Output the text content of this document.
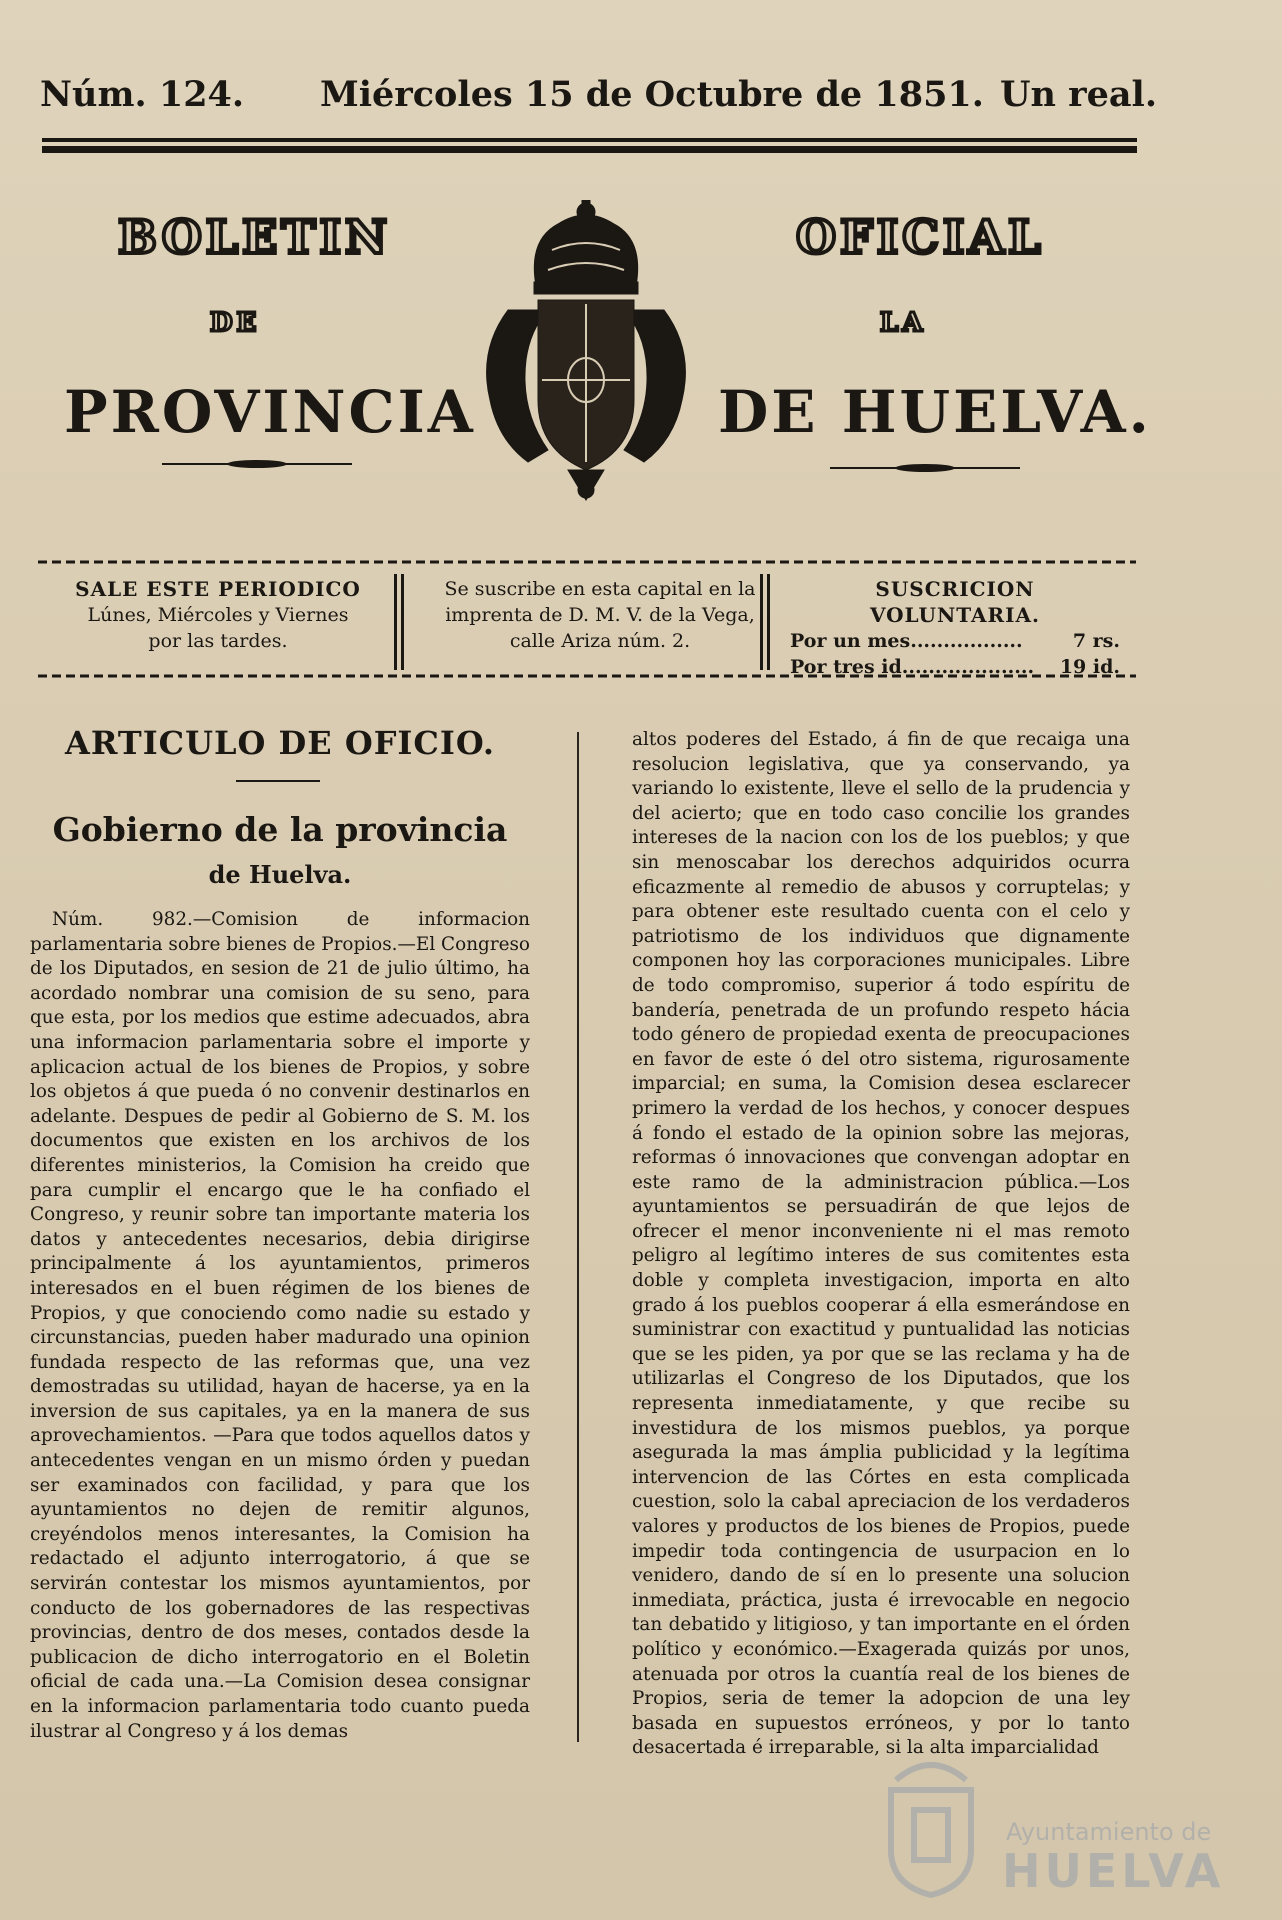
Núm. 124. Miércoles 15 de Octubre de 1851. Un real.
BOLETIN	OFICIAL
DE	LA
PROVINCIA	DE HUELVA.
SALE ESTE PERIODICO
Lúnes, Miércoles y Viernes
por las tardes.
Se suscribe en esta capital en la
imprenta de D. M. V. de la Vega,
calle Ariza núm. 2.
SUSCRICION VOLUNTARIA.
Por un mes.................	7 rs.
Por tres id.................... 19 id.
ARTICULO DE OFICIO.
Gobierno de la provincia
de Huelva.

Núm. 982.—Comision de informacion parlamentaria sobre bienes de Propios.—El Congreso de los Diputados, en sesion de 21 de julio último, ha acordado nombrar una comision de su seno, para que esta, por los medios que estime adecuados, abra una informacion parlamentaria sobre el importe y aplicacion actual de los bienes de Propios, y sobre los objetos á que pueda ó no convenir destinarlos en adelante. Despues de pedir al Gobierno de S. M. los documentos que existen en los archivos de los diferentes ministerios, la Comision ha creido que para cumplir el encargo que le ha confiado el Congreso, y reunir sobre tan importante materia los datos y antecedentes necesarios, debia dirigirse principalmente á los ayuntamientos, primeros interesados en el buen régimen de los bienes de Propios, y que conociendo como nadie su estado y circunstancias, pueden haber madurado una opinion fundada respecto de las reformas que, una vez demostradas su utilidad, hayan de hacerse, ya en la inversion de sus capitales, ya en la manera de sus aprovechamientos. —Para que todos aquellos datos y antecedentes vengan en un mismo órden y puedan ser examinados con facilidad, y para que los ayuntamientos no dejen de remitir algunos, creyéndolos menos interesantes, la Comision ha redactado el adjunto interrogatorio, á que se servirán contestar los mismos ayuntamientos, por conducto de los gobernadores de las respectivas provincias, dentro de dos meses, contados desde la publicacion de dicho interrogatorio en el Boletin oficial de cada una.—La Comision desea consignar en la informacion parlamentaria todo cuanto pueda ilustrar al Congreso y á los demas

altos poderes del Estado, á fin de que recaiga una resolucion legislativa, que ya conservando, ya variando lo existente, lleve el sello de la prudencia y del acierto; que en todo caso concilie los grandes intereses de la nacion con los de los pueblos; y que sin menoscabar los derechos adquiridos ocurra eficazmente al remedio de abusos y corruptelas; y para obtener este resultado cuenta con el celo y patriotismo de los individuos que dignamente componen hoy las corporaciones municipales. Libre de todo compromiso, superior á todo espíritu de bandería, penetrada de un profundo respeto hácia todo género de propiedad exenta de preocupaciones en favor de este ó del otro sistema, rigurosamente imparcial; en suma, la Comision desea esclarecer primero la verdad de los hechos, y conocer despues á fondo el estado de la opinion sobre las mejoras, reformas ó innovaciones que convengan adoptar en este ramo de la administracion pública.—Los ayuntamientos se persuadirán de que lejos de ofrecer el menor inconveniente ni el mas remoto peligro al legítimo interes de sus comitentes esta doble y completa investigacion, importa en alto grado á los pueblos cooperar á ella esmerándose en suministrar con exactitud y puntualidad las noticias que se les piden, ya por que se las reclama y ha de utilizarlas el Congreso de los Diputados, que los representa inmediatamente, y que recibe su investidura de los mismos pueblos, ya porque asegurada la mas ámplia publicidad y la legítima intervencion de las Córtes en esta complicada cuestion, solo la cabal apreciacion de los verdaderos valores y productos de los bienes de Propios, puede impedir toda contingencia de usurpacion en lo venidero, dando de sí en lo presente una solucion inmediata, práctica, justa é irrevocable en negocio tan debatido y litigioso, y tan importante en el órden político y económico.—Exagerada quizás por unos, atenuada por otros la cuantía real de los bienes de Propios, seria de temer la adopcion de una ley basada en supuestos erróneos, y por lo tanto desacertada é irreparable, si la alta imparcialidad

Ayuntamiento de
HUELVA
